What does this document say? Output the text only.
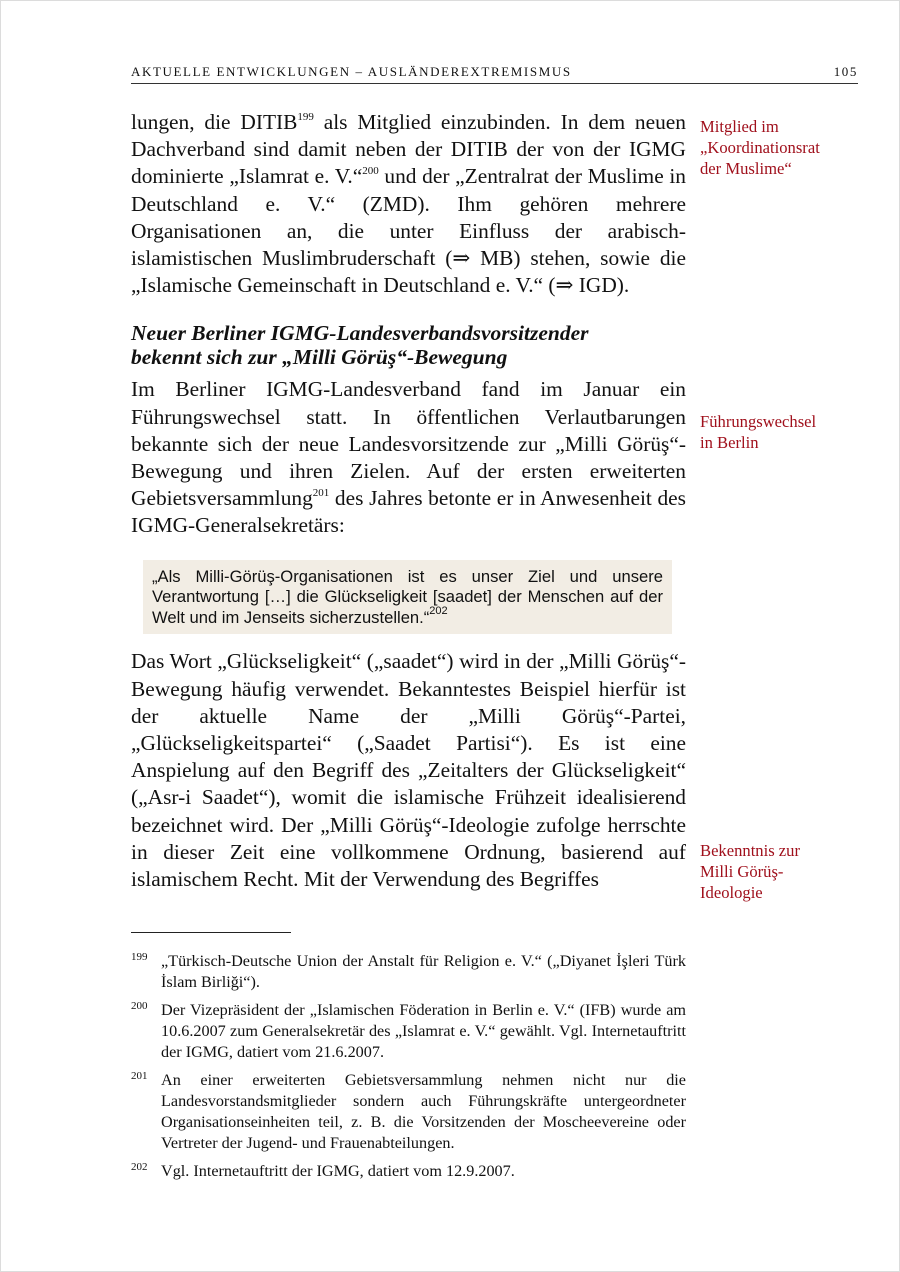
AKTUELLE ENTWICKLUNGEN – AUSLÄNDEREXTREMISMUS	105

lungen, die DITIB$^{199}$ als Mitglied einzubinden. In dem neuen Dachverband sind damit neben der DITIB der von der IGMG dominierte „Islamrat e. V.“$^{200}$ und der „Zentralrat der Muslime in Deutschland e. V.“ (ZMD). Ihm gehören mehrere Organisationen an, die unter Einfluss der arabisch-islamistischen Muslimbruderschaft (⇒ MB) stehen, sowie die „Islamische Gemeinschaft in Deutschland e. V.“ (⇒ IGD).

Neuer Berliner IGMG-Landesverbandsvorsitzender
bekennt sich zur „Milli Görüş“-Bewegung

Im Berliner IGMG-Landesverband fand im Januar ein Führungswechsel statt. In öffentlichen Verlautbarungen bekannte sich der neue Landesvorsitzende zur „Milli Görüş“-Bewegung und ihren Zielen. Auf der ersten erweiterten Gebietsversammlung$^{201}$ des Jahres betonte er in Anwesenheit des IGMG-Generalsekretärs:

„Als Milli-Görüş-Organisationen ist es unser Ziel und unsere Verantwortung […] die Glückseligkeit [saadet] der Menschen auf der Welt und im Jenseits sicherzustellen.“$^{202}$

Das Wort „Glückseligkeit“ („saadet“) wird in der „Milli Görüş“-Bewegung häufig verwendet. Bekanntestes Beispiel hierfür ist der aktuelle Name der „Milli Görüş“-Partei, „Glückseligkeitspartei“ („Saadet Partisi“). Es ist eine Anspielung auf den Begriff des „Zeitalters der Glückseligkeit“ („Asr-i Saadet“), womit die islamische Frühzeit idealisierend bezeichnet wird. Der „Milli Görüş“-Ideologie zufolge herrschte in dieser Zeit eine vollkommene Ordnung, basierend auf islamischem Recht. Mit der Verwendung des Begriffes

Mitglied im
„Koordinationsrat
der Muslime“
Führungswechsel
in Berlin
Bekenntnis zur
Milli Görüş-
Ideologie
199 „Türkisch-Deutsche Union der Anstalt für Religion e. V.“ („Diyanet İşleri Türk İslam Birliği“).
200 Der Vizepräsident der „Islamischen Föderation in Berlin e. V.“ (IFB) wurde am 10.6.2007 zum Generalsekretär des „Islamrat e. V.“ gewählt. Vgl. Internetauftritt der IGMG, datiert vom 21.6.2007.
201 An einer erweiterten Gebietsversammlung nehmen nicht nur die Landesvorstandsmitglieder sondern auch Führungskräfte untergeordneter Organisationseinheiten teil, z. B. die Vorsitzenden der Moscheevereine oder Vertreter der Jugend- und Frauenabteilungen.
202 Vgl. Internetauftritt der IGMG, datiert vom 12.9.2007.
